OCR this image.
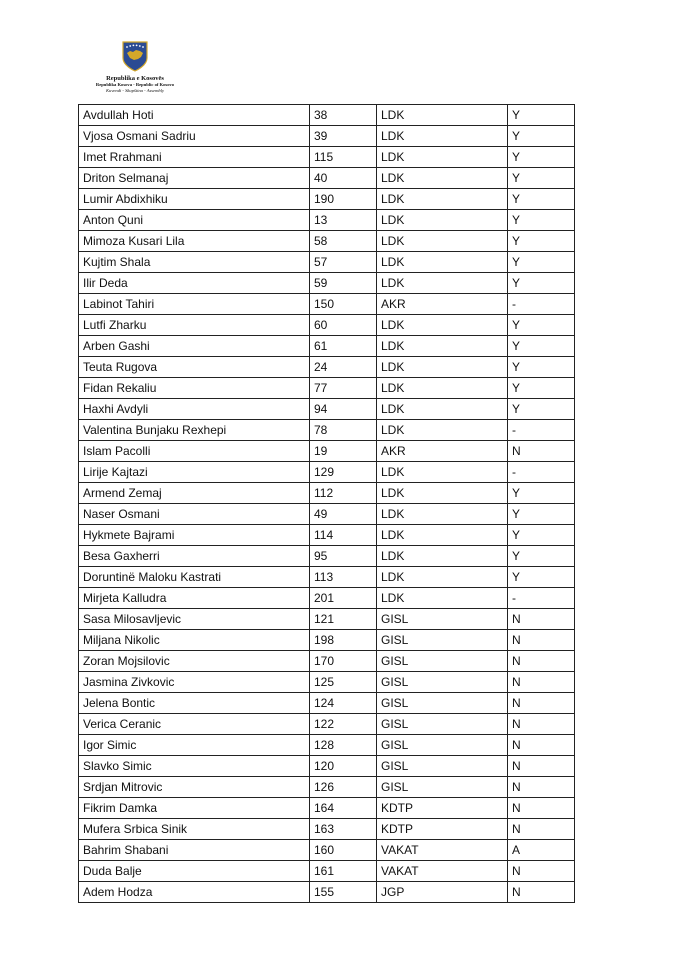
Republika e Kosovës
Republika Kosova - Republic of Kosovo
Kuvendi - Skupština - Assembly
Avdullah Hoti	38	LDK	Y
Vjosa Osmani Sadriu	39	LDK	Y
Imet Rrahmani	115	LDK	Y
Driton Selmanaj	40	LDK	Y
Lumir Abdixhiku	190	LDK	Y
Anton Quni	13	LDK	Y
Mimoza Kusari Lila	58	LDK	Y
Kujtim Shala	57	LDK	Y
Ilir Deda	59	LDK	Y
Labinot Tahiri	150	AKR	-
Lutfi Zharku	60	LDK	Y
Arben Gashi	61	LDK	Y
Teuta Rugova	24	LDK	Y
Fidan Rekaliu	77	LDK	Y
Haxhi Avdyli	94	LDK	Y
Valentina Bunjaku Rexhepi	78	LDK	-
Islam Pacolli	19	AKR	N
Lirije Kajtazi	129	LDK	-
Armend Zemaj	112	LDK	Y
Naser Osmani	49	LDK	Y
Hykmete Bajrami	114	LDK	Y
Besa Gaxherri	95	LDK	Y
Doruntinë Maloku Kastrati	113	LDK	Y
Mirjeta Kalludra	201	LDK	-
Sasa Milosavljevic	121	GISL	N
Miljana Nikolic	198	GISL	N
Zoran Mojsilovic	170	GISL	N
Jasmina Zivkovic	125	GISL	N
Jelena Bontic	124	GISL	N
Verica Ceranic	122	GISL	N
Igor Simic	128	GISL	N
Slavko Simic	120	GISL	N
Srdjan Mitrovic	126	GISL	N
Fikrim Damka	164	KDTP	N
Mufera Srbica Sinik	163	KDTP	N
Bahrim Shabani	160	VAKAT	A
Duda Balje	161	VAKAT	N
Adem Hodza	155	JGP	N
